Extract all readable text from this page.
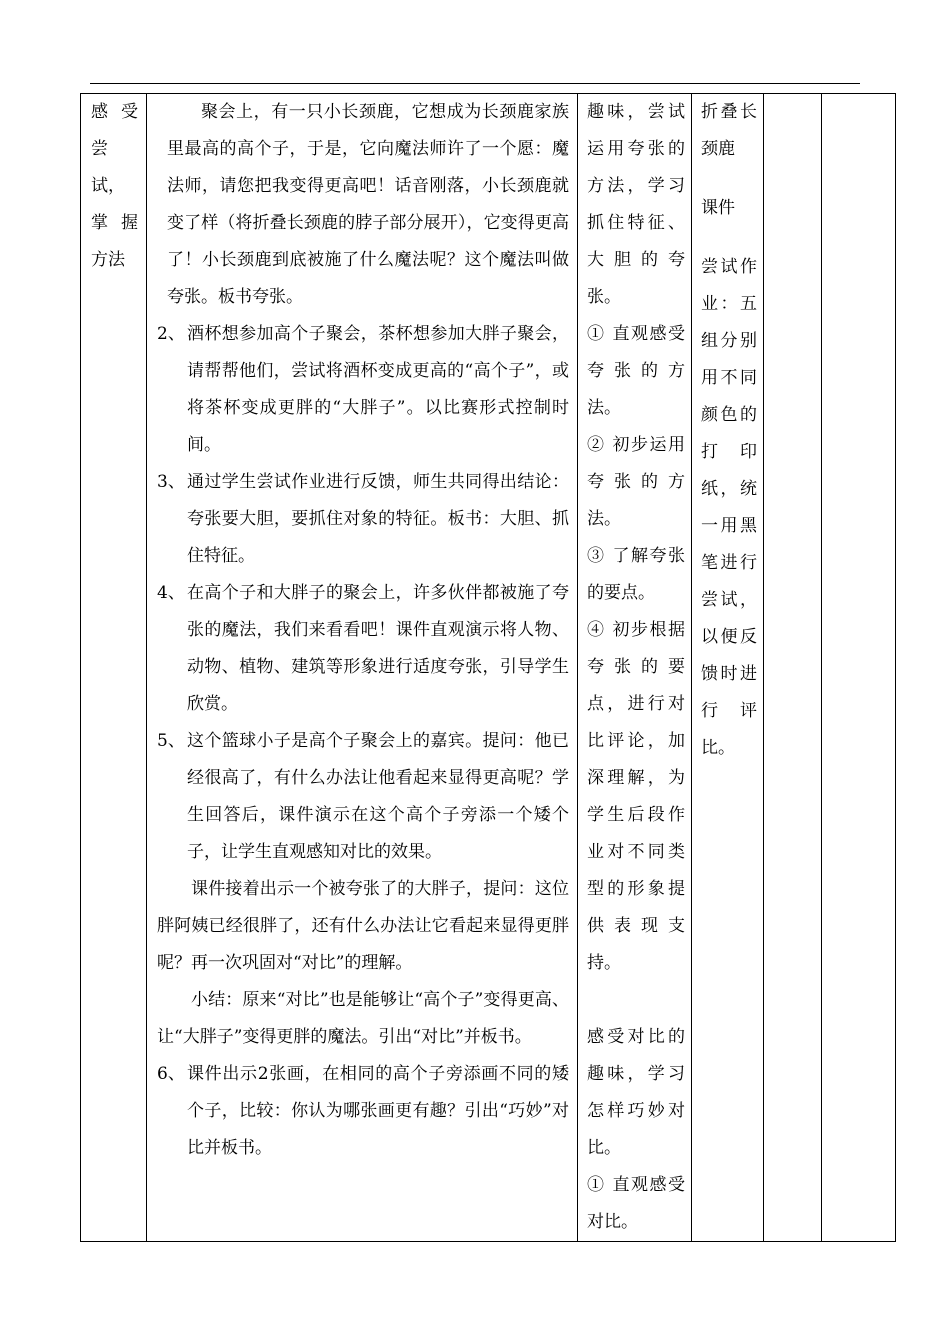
感受
尝
试，
掌握
方法

聚会上，有一只小长颈鹿，它想成为长颈鹿家族里最高的高个子，于是，它向魔法师许了一个愿：魔法师，请您把我变得更高吧！话音刚落，小长颈鹿就变了样（将折叠长颈鹿的脖子部分展开），它变得更高了！小长颈鹿到底被施了什么魔法呢？这个魔法叫做夸张。板书夸张。
2、 酒杯想参加高个子聚会，茶杯想参加大胖子聚会，请帮帮他们，尝试将酒杯变成更高的“高个子”，或将茶杯变成更胖的“大胖子”。以比赛形式控制时间。
3、 通过学生尝试作业进行反馈，师生共同得出结论：夸张要大胆，要抓住对象的特征。板书：大胆、抓住特征。
4、 在高个子和大胖子的聚会上，许多伙伴都被施了夸张的魔法，我们来看看吧！课件直观演示将人物、动物、植物、建筑等形象进行适度夸张，引导学生欣赏。
5、 这个篮球小子是高个子聚会上的嘉宾。提问：他已经很高了，有什么办法让他看起来显得更高呢？学生回答后，课件演示在这个高个子旁添一个矮个子，让学生直观感知对比的效果。
课件接着出示一个被夸张了的大胖子，提问：这位胖阿姨已经很胖了，还有什么办法让它看起来显得更胖呢？再一次巩固对“对比”的理解。
小结：原来“对比”也是能够让“高个子”变得更高、让“大胖子”变得更胖的魔法。引出“对比”并板书。
6、 课件出示2张画，在相同的高个子旁添画不同的矮个子，比较：你认为哪张画更有趣？引出“巧妙”对比并板书。

趣味，尝试运用夸张的方法，学习抓住特征、大胆的夸张。
① 直观感受夸张的方法。
② 初步运用夸张的方法。
③ 了解夸张的要点。
④ 初步根据夸张的要点，进行对比评论，加深理解，为学生后段作业对不同类型的形象提供表现支持。
感受对比的趣味，学习怎样巧妙对比。
① 直观感受对比。

折叠长颈鹿
课件
尝试作业：五组分别用不同颜色的打印纸，统一用黑笔进行尝试，以便反馈时进行评比。
